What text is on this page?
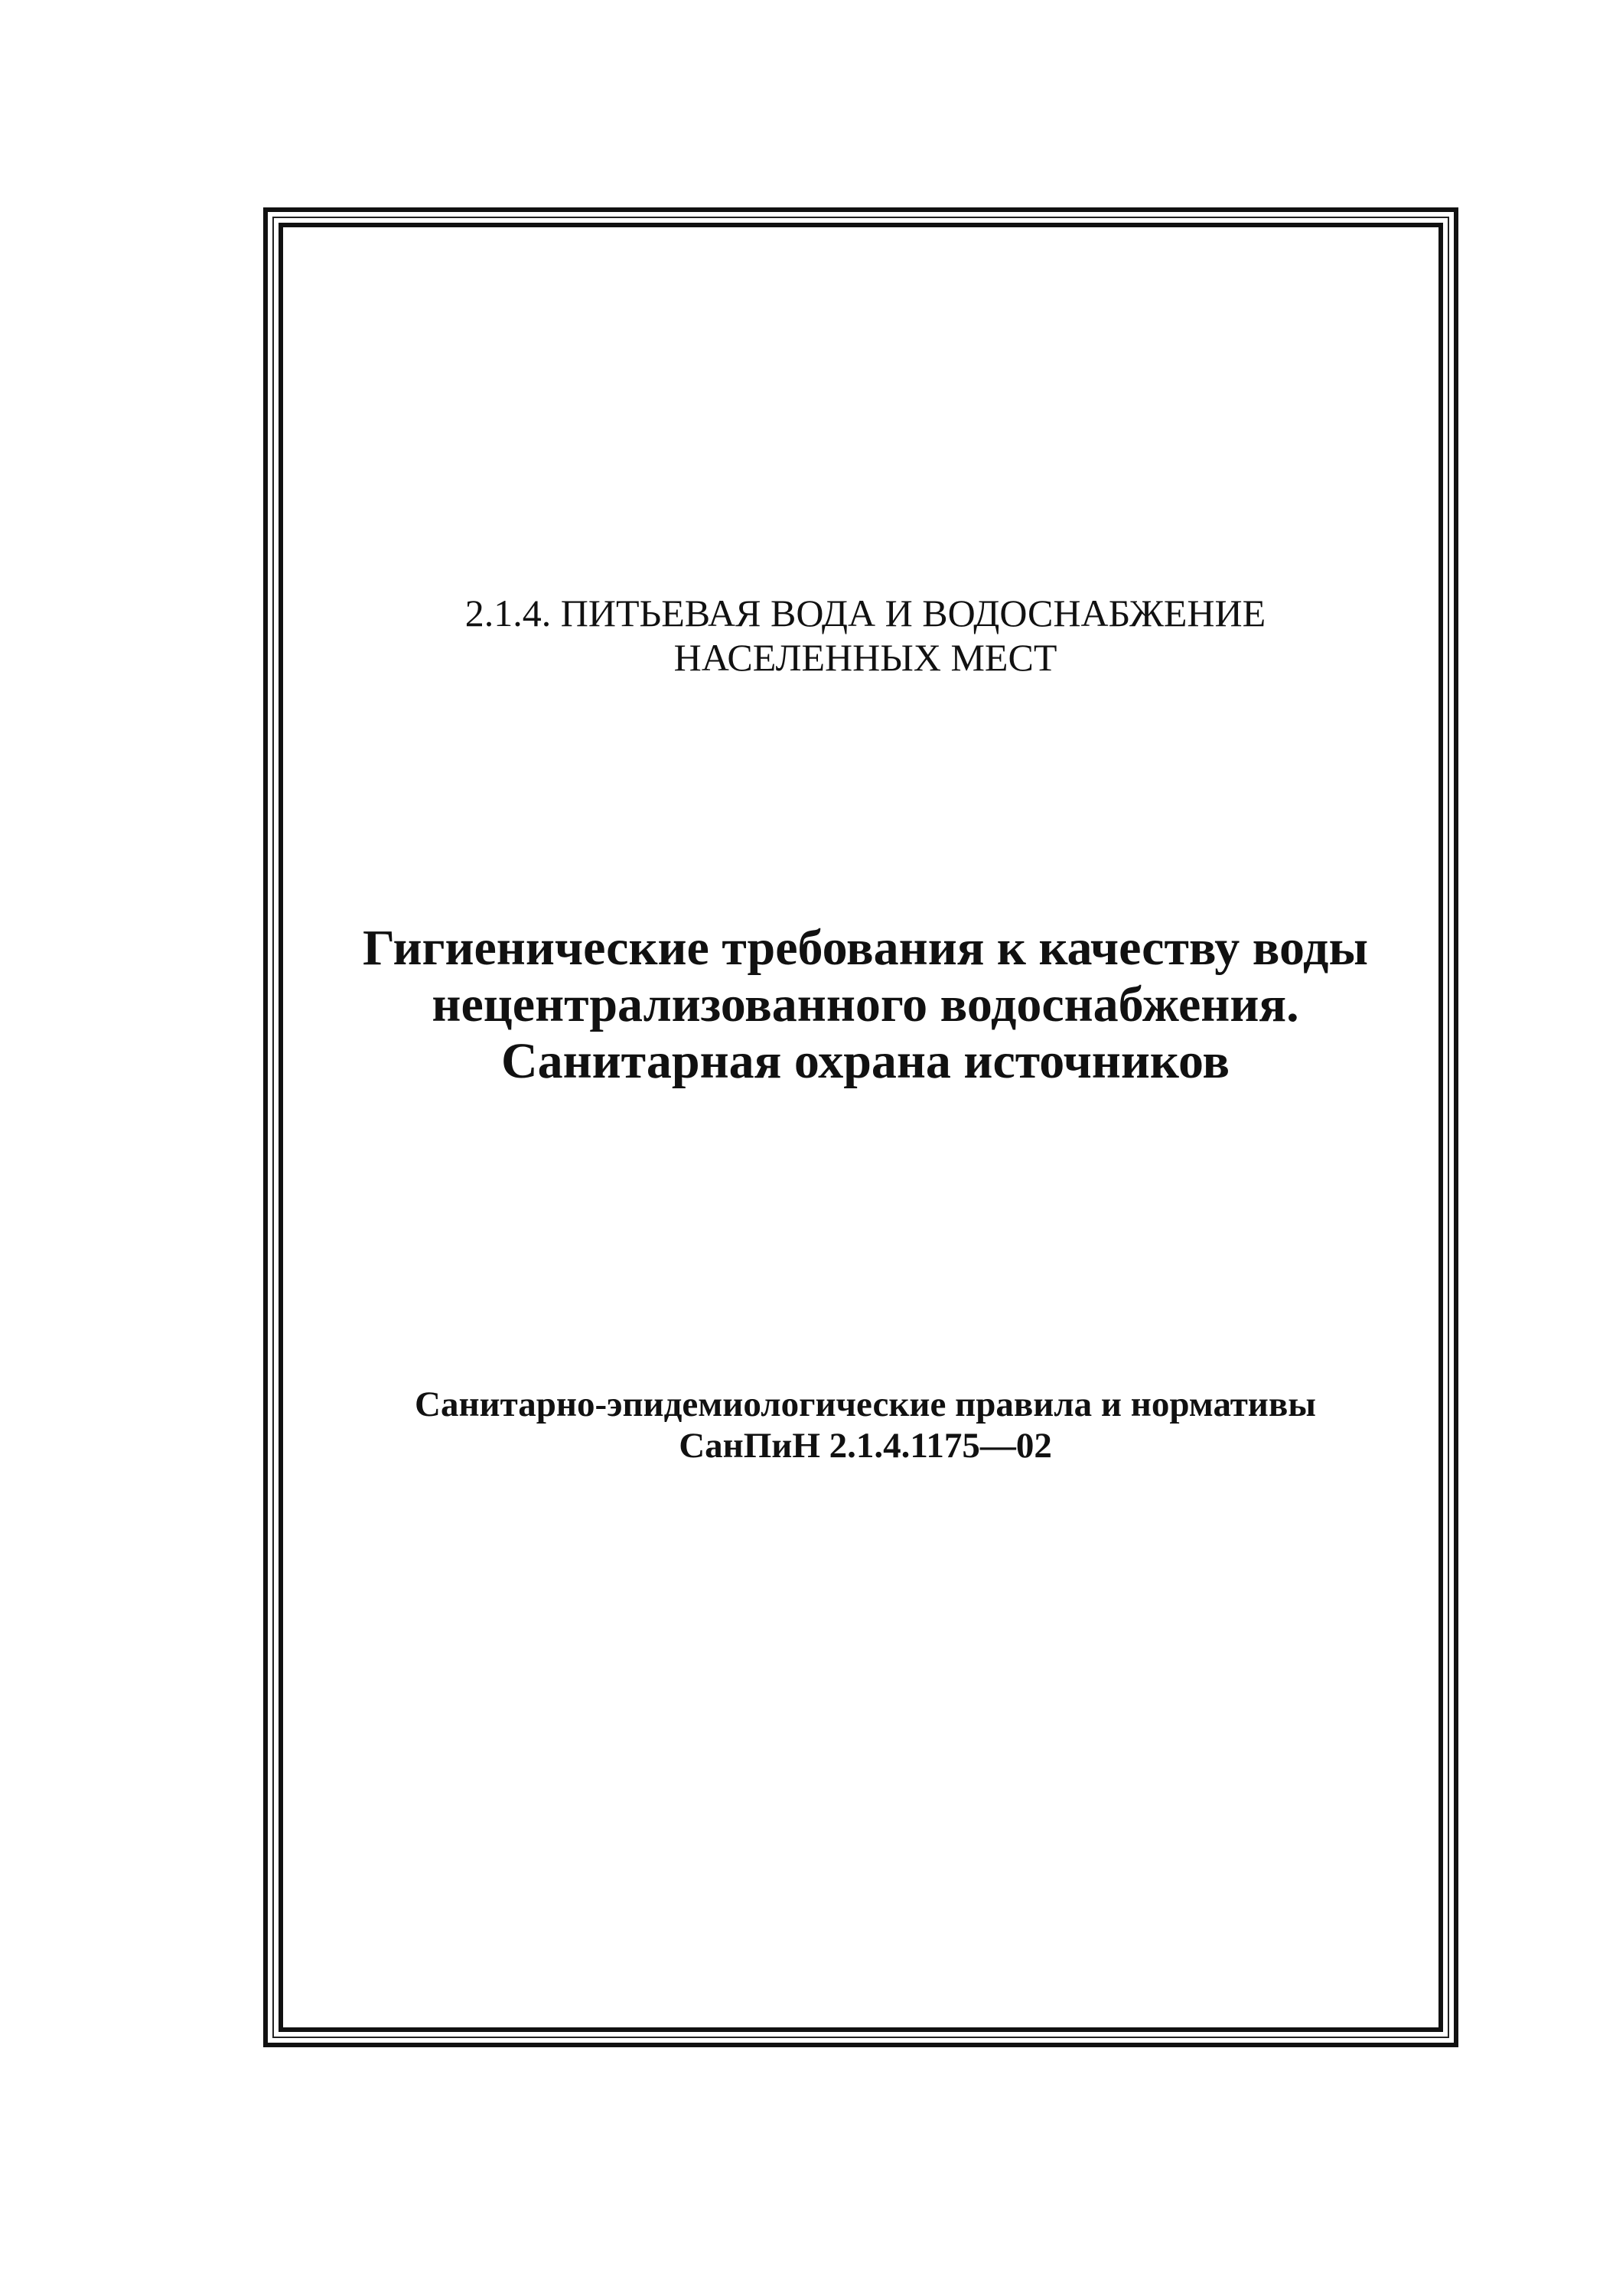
2.1.4. ПИТЬЕВАЯ ВОДА И ВОДОСНАБЖЕНИЕ
НАСЕЛЕННЫХ МЕСТ
Гигиенические требования к качеству воды
нецентрализованного водоснабжения.
Санитарная охрана источников
Санитарно-эпидемиологические правила и нормативы
СанПиН 2.1.4.1175—02
